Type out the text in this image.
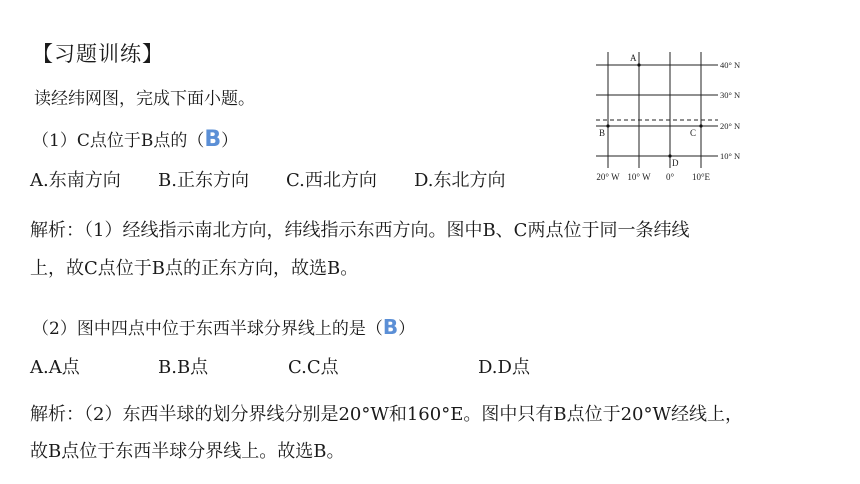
【习题训练】
读经纬网图，完成下面小题。
（1）C点位于B点的（B）
A.东南方向 B.正东方向 C.西北方向 D.东北方向
解析：（1）经线指示南北方向，纬线指示东西方向。图中B、C两点位于同一条纬线
上，故C点位于B点的正东方向，故选B。
（2）图中四点中位于东西半球分界线上的是（B）
A.A点	B.B点	C.C点	D.D点
解析：（2）东西半球的划分界线分别是20°W和160°E。图中只有B点位于20°W经线上，
故B点位于东西半球分界线上。故选B。
A
B	C
D
40° N
30° N
20° N
10° N
20° W 10° W 0° 10°E
